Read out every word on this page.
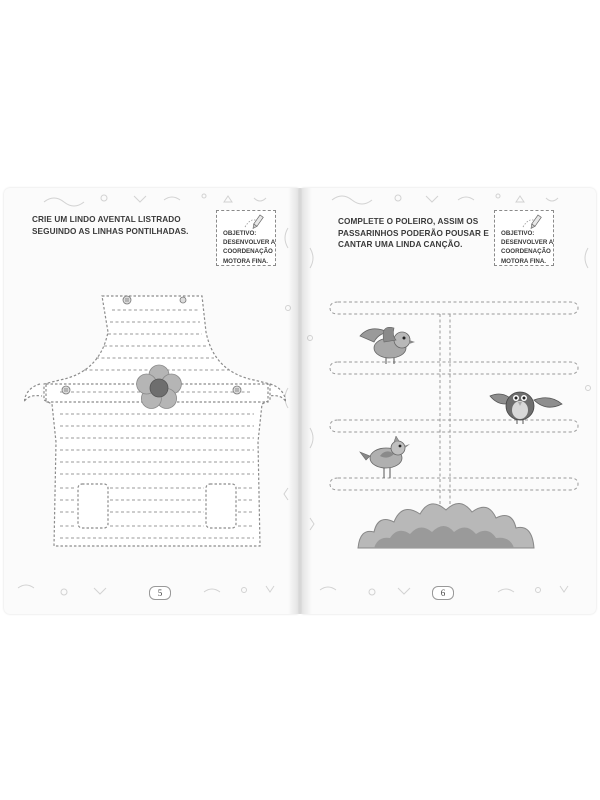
CRIE UM LINDO AVENTAL LISTRADO
SEGUINDO AS LINHAS PONTILHADAS.	OBJETIVO:
DESENVOLVER A
COORDENAÇÃO
MOTORA FINA.
5
COMPLETE O POLEIRO, ASSIM OS
PASSARINHOS PODERÃO POUSAR E
CANTAR UMA LINDA CANÇÃO.
OBJETIVO:
DESENVOLVER A
COORDENAÇÃO
MOTORA FINA.
6
